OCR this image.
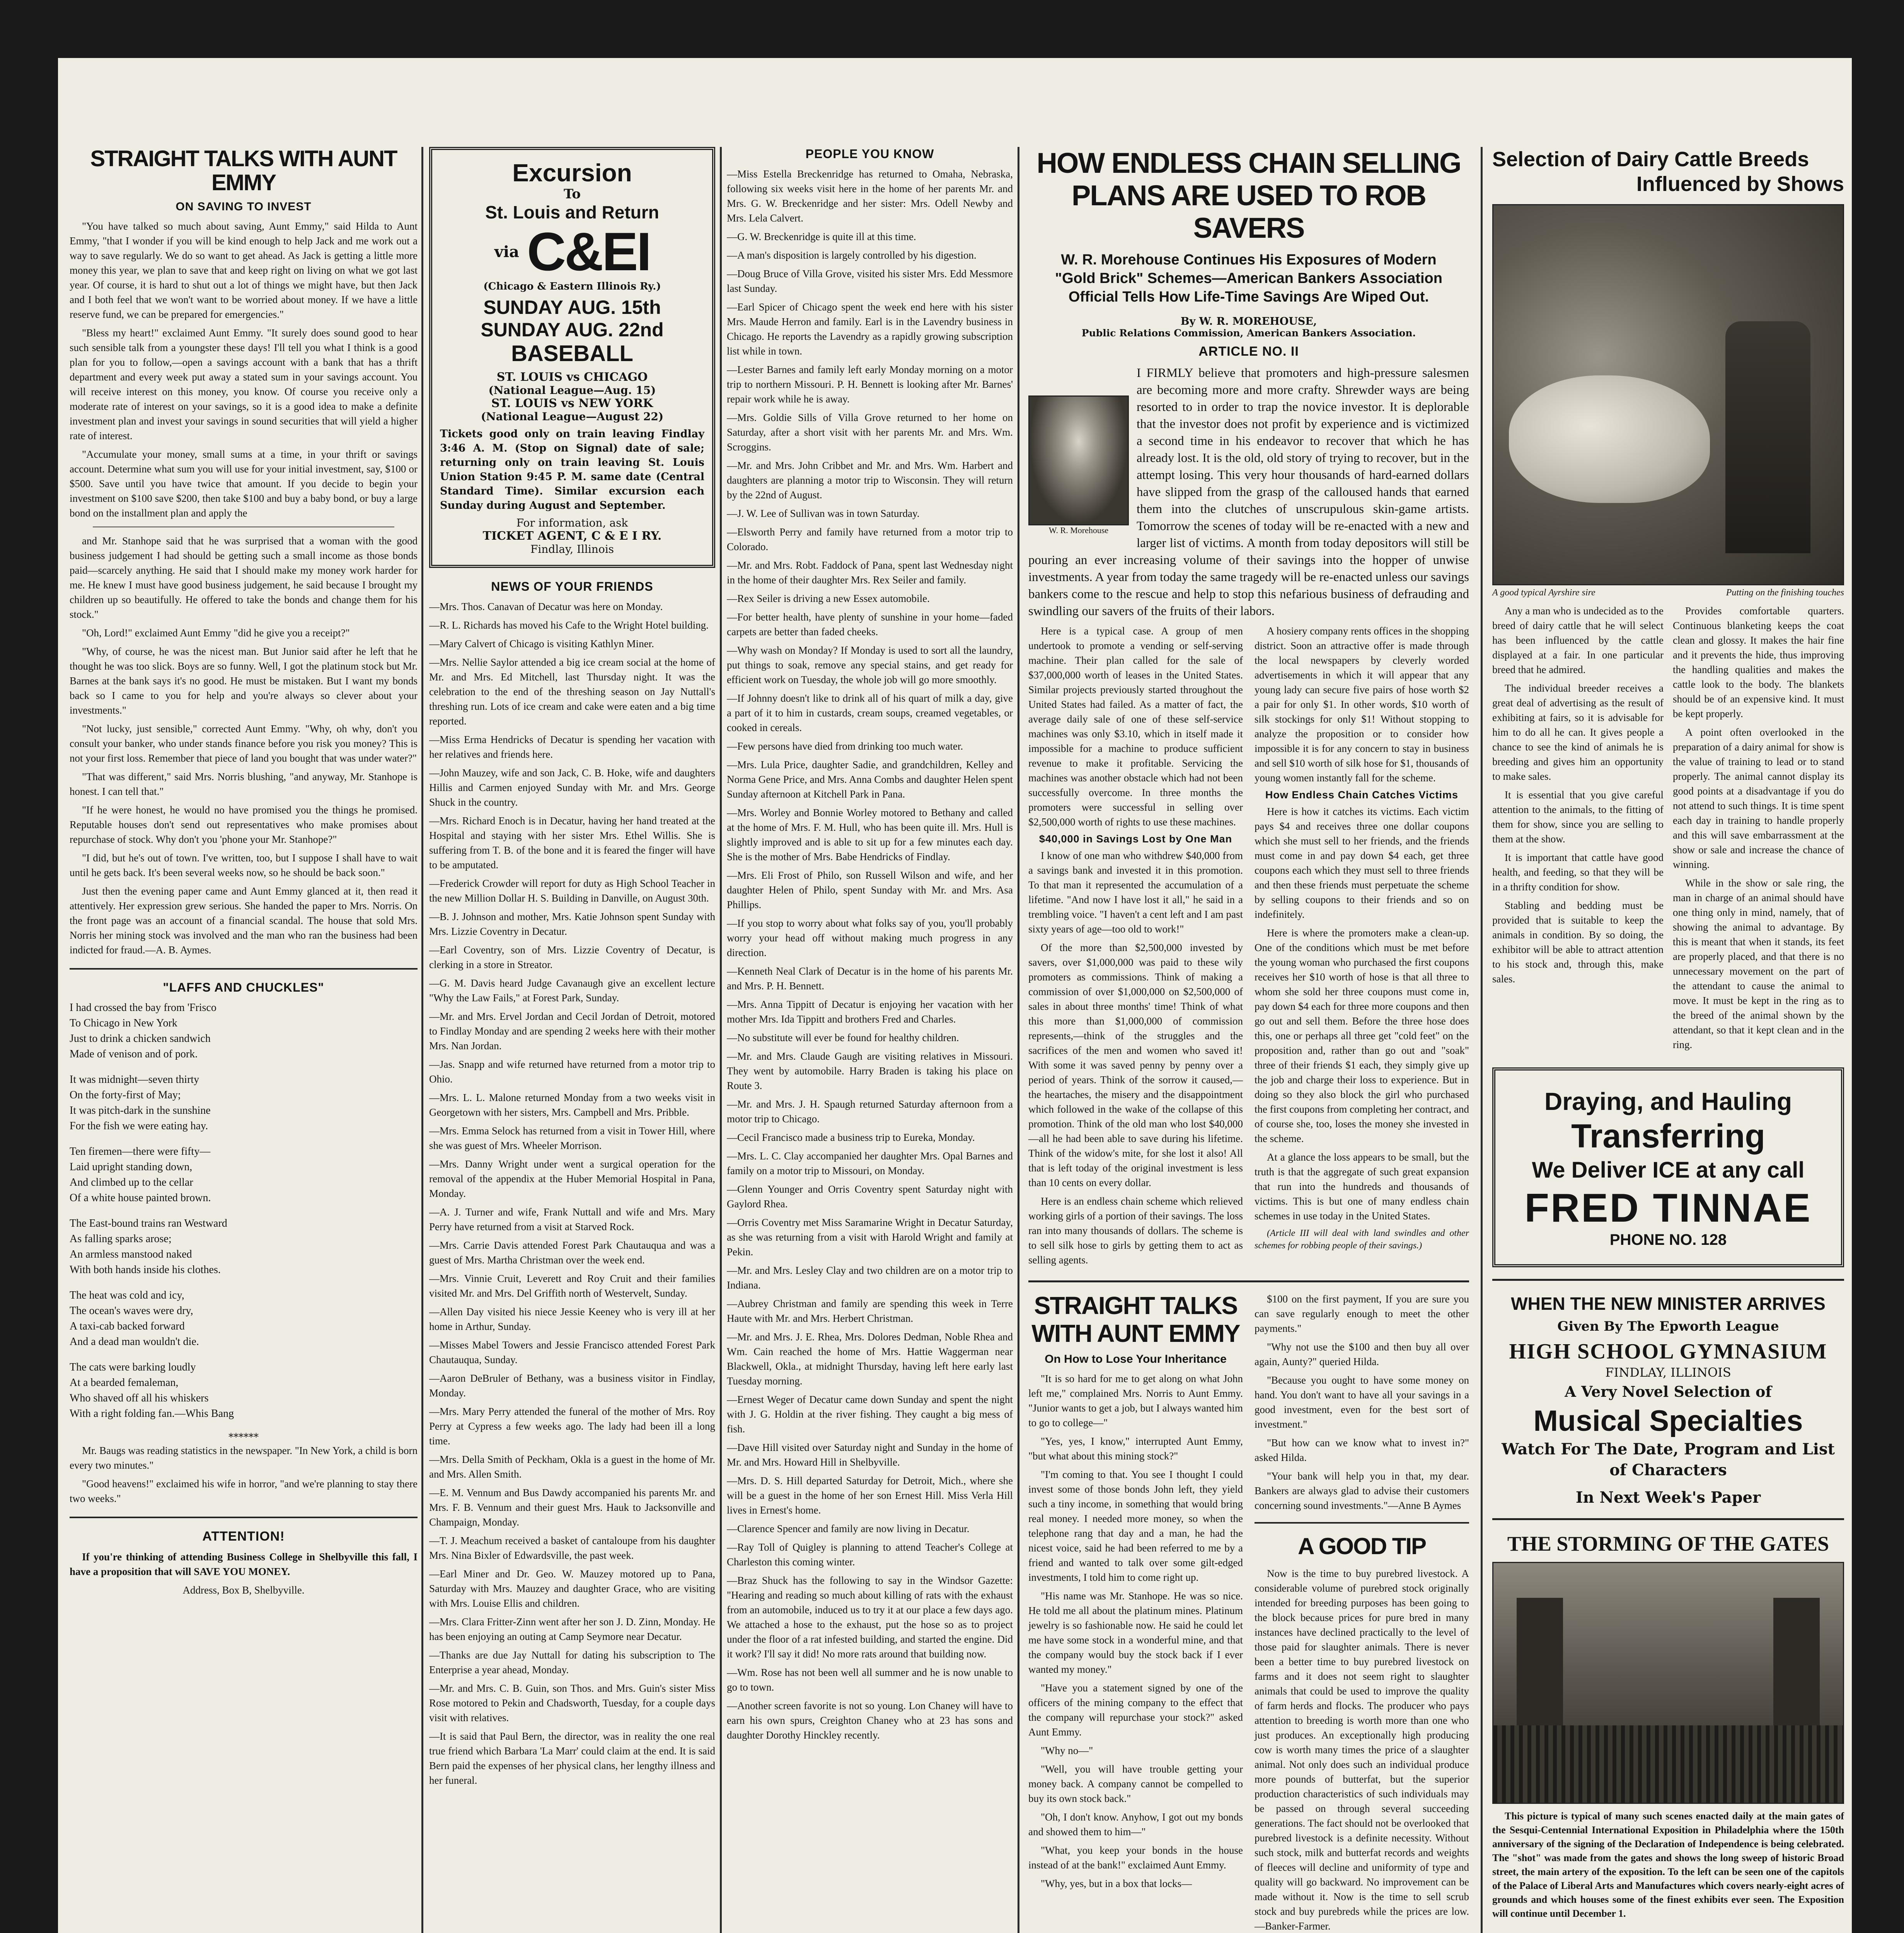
STRAIGHT TALKS WITH AUNT EMMY
ON SAVING TO INVEST

"You have talked so much about saving, Aunt Emmy," said Hilda to Aunt Emmy, "that I wonder if you will be kind enough to help Jack and me work out a way to save regularly. We do so want to get ahead. As Jack is getting a little more money this year, we plan to save that and keep right on living on what we got last year. Of course, it is hard to shut out a lot of things we might have, but then Jack and I both feel that we won't want to be worried about money. If we have a little reserve fund, we can be prepared for emergencies."

"Bless my heart!" exclaimed Aunt Emmy. "It surely does sound good to hear such sensible talk from a youngster these days! I'll tell you what I think is a good plan for you to follow,—open a savings account with a bank that has a thrift department and every week put away a stated sum in your savings account. You will receive interest on this money, you know. Of course you receive only a moderate rate of interest on your savings, so it is a good idea to make a definite investment plan and invest your savings in sound securities that will yield a higher rate of interest.

"Accumulate your money, small sums at a time, in your thrift or savings account. Determine what sum you will use for your initial investment, say, $100 or $500. Save until you have twice that amount. If you decide to begin your investment on $100 save $200, then take $100 and buy a baby bond, or buy a large bond on the installment plan and apply the

and Mr. Stanhope said that he was surprised that a woman with the good business judgement I had should be getting such a small income as those bonds paid—scarcely anything. He said that I should make my money work harder for me. He knew I must have good business judgement, he said because I brought my children up so beautifully. He offered to take the bonds and change them for his stock."

"Oh, Lord!" exclaimed Aunt Emmy "did he give you a receipt?"

"Why, of course, he was the nicest man. But Junior said after he left that he thought he was too slick. Boys are so funny. Well, I got the platinum stock but Mr. Barnes at the bank says it's no good. He must be mistaken. But I want my bonds back so I came to you for help and you're always so clever about your investments."

"Not lucky, just sensible," corrected Aunt Emmy. "Why, oh why, don't you consult your banker, who under stands finance before you risk you money? This is not your first loss. Remember that piece of land you bought that was under water?"

"That was different," said Mrs. Norris blushing, "and anyway, Mr. Stanhope is honest. I can tell that."

"If he were honest, he would no have promised you the things he promised. Reputable houses don't send out representatives who make promises about repurchase of stock. Why don't you 'phone your Mr. Stanhope?"

"I did, but he's out of town. I've written, too, but I suppose I shall have to wait until he gets back. It's been several weeks now, so he should be back soon."

Just then the evening paper came and Aunt Emmy glanced at it, then read it attentively. Her expression grew serious. She handed the paper to Mrs. Norris. On the front page was an account of a financial scandal. The house that sold Mrs. Norris her mining stock was involved and the man who ran the business had been indicted for fraud.—A. B. Aymes.

"LAFFS AND CHUCKLES"

I had crossed the bay from 'Frisco

To Chicago in New York

Just to drink a chicken sandwich

Made of venison and of pork.

It was midnight—seven thirty

On the forty-first of May;

It was pitch-dark in the sunshine

For the fish we were eating hay.

Ten firemen—there were fifty—

Laid upright standing down,

And climbed up to the cellar

Of a white house painted brown.

The East-bound trains ran Westward

As falling sparks arose;

An armless manstood naked

With both hands inside his clothes.

The heat was cold and icy,

The ocean's waves were dry,

A taxi-cab backed forward

And a dead man wouldn't die.

The cats were barking loudly

At a bearded femaleman,

Who shaved off all his whiskers

With a right folding fan.—Whis Bang

******

Mr. Baugs was reading statistics in the newspaper. "In New York, a child is born every two minutes."

"Good heavens!" exclaimed his wife in horror, "and we're planning to stay there two weeks."

ATTENTION!

If you're thinking of attending Business College in Shelbyville this fall, I have a proposition that will SAVE YOU MONEY.

Address, Box B, Shelbyville.

Excursion
To
St. Louis and Return
via C&EI
(Chicago & Eastern Illinois Ry.)
SUNDAY AUG. 15th
SUNDAY AUG. 22nd
BASEBALL
ST. LOUIS vs CHICAGO
(National League—Aug. 15)
ST. LOUIS vs NEW YORK
(National League—August 22)

Tickets good only on train leaving Findlay 3:46 A. M. (Stop on Signal) date of sale; returning only on train leaving St. Louis Union Station 9:45 P. M. same date (Central Standard Time). Similar excursion each Sunday during August and September.

For information, ask
TICKET AGENT, C & E I RY.
Findlay, Illinois
NEWS OF YOUR FRIENDS

—Mrs. Thos. Canavan of Decatur was here on Monday.

—R. L. Richards has moved his Cafe to the Wright Hotel building.

—Mary Calvert of Chicago is visiting Kathlyn Miner.

—Mrs. Nellie Saylor attended a big ice cream social at the home of Mr. and Mrs. Ed Mitchell, last Thursday night. It was the celebration to the end of the threshing season on Jay Nuttall's threshing run. Lots of ice cream and cake were eaten and a big time reported.

—Miss Erma Hendricks of Decatur is spending her vacation with her relatives and friends here.

—John Mauzey, wife and son Jack, C. B. Hoke, wife and daughters Hillis and Carmen enjoyed Sunday with Mr. and Mrs. George Shuck in the country.

—Mrs. Richard Enoch is in Decatur, having her hand treated at the Hospital and staying with her sister Mrs. Ethel Willis. She is suffering from T. B. of the bone and it is feared the finger will have to be amputated.

—Frederick Crowder will report for duty as High School Teacher in the new Million Dollar H. S. Building in Danville, on August 30th.

—B. J. Johnson and mother, Mrs. Katie Johnson spent Sunday with Mrs. Lizzie Coventry in Decatur.

—Earl Coventry, son of Mrs. Lizzie Coventry of Decatur, is clerking in a store in Streator.

—G. M. Davis heard Judge Cavanaugh give an excellent lecture "Why the Law Fails," at Forest Park, Sunday.

—Mr. and Mrs. Ervel Jordan and Cecil Jordan of Detroit, motored to Findlay Monday and are spending 2 weeks here with their mother Mrs. Nan Jordan.

—Jas. Snapp and wife returned have returned from a motor trip to Ohio.

—Mrs. L. L. Malone returned Monday from a two weeks visit in Georgetown with her sisters, Mrs. Campbell and Mrs. Pribble.

—Mrs. Emma Selock has returned from a visit in Tower Hill, where she was guest of Mrs. Wheeler Morrison.

—Mrs. Danny Wright under went a surgical operation for the removal of the appendix at the Huber Memorial Hospital in Pana, Monday.

—A. J. Turner and wife, Frank Nuttall and wife and Mrs. Mary Perry have returned from a visit at Starved Rock.

—Mrs. Carrie Davis attended Forest Park Chautauqua and was a guest of Mrs. Martha Christman over the week end.

—Mrs. Vinnie Cruit, Leverett and Roy Cruit and their families visited Mr. and Mrs. Del Griffith north of Westervelt, Sunday.

—Allen Day visited his niece Jessie Keeney who is very ill at her home in Arthur, Sunday.

—Misses Mabel Towers and Jessie Francisco attended Forest Park Chautauqua, Sunday.

—Aaron DeBruler of Bethany, was a business visitor in Findlay, Monday.

—Mrs. Mary Perry attended the funeral of the mother of Mrs. Roy Perry at Cypress a few weeks ago. The lady had been ill a long time.

—Mrs. Della Smith of Peckham, Okla is a guest in the home of Mr. and Mrs. Allen Smith.

—E. M. Vennum and Bus Dawdy accompanied his parents Mr. and Mrs. F. B. Vennum and their guest Mrs. Hauk to Jacksonville and Champaign, Monday.

—T. J. Meachum received a basket of cantaloupe from his daughter Mrs. Nina Bixler of Edwardsville, the past week.

—Earl Miner and Dr. Geo. W. Mauzey motored up to Pana, Saturday with Mrs. Mauzey and daughter Grace, who are visiting with Mrs. Louise Ellis and children.

—Mrs. Clara Fritter-Zinn went after her son J. D. Zinn, Monday. He has been enjoying an outing at Camp Seymore near Decatur.

—Thanks are due Jay Nuttall for dating his subscription to The Enterprise a year ahead, Monday.

—Mr. and Mrs. C. B. Guin, son Thos. and Mrs. Guin's sister Miss Rose motored to Pekin and Chadsworth, Tuesday, for a couple days visit with relatives.

—It is said that Paul Bern, the director, was in reality the one real true friend which Barbara 'La Marr' could claim at the end. It is said Bern paid the expenses of her physical clans, her lengthy illness and her funeral.

PEOPLE YOU KNOW

—Miss Estella Breckenridge has returned to Omaha, Nebraska, following six weeks visit here in the home of her parents Mr. and Mrs. G. W. Breckenridge and her sister: Mrs. Odell Newby and Mrs. Lela Calvert.

—G. W. Breckenridge is quite ill at this time.

—A man's disposition is largely controlled by his digestion.

—Doug Bruce of Villa Grove, visited his sister Mrs. Edd Messmore last Sunday.

—Earl Spicer of Chicago spent the week end here with his sister Mrs. Maude Herron and family. Earl is in the Lavendry business in Chicago. He reports the Lavendry as a rapidly growing subscription list while in town.

—Lester Barnes and family left early Monday morning on a motor trip to northern Missouri. P. H. Bennett is looking after Mr. Barnes' repair work while he is away.

—Mrs. Goldie Sills of Villa Grove returned to her home on Saturday, after a short visit with her parents Mr. and Mrs. Wm. Scroggins.

—Mr. and Mrs. John Cribbet and Mr. and Mrs. Wm. Harbert and daughters are planning a motor trip to Wisconsin. They will return by the 22nd of August.

—J. W. Lee of Sullivan was in town Saturday.

—Elsworth Perry and family have returned from a motor trip to Colorado.

—Mr. and Mrs. Robt. Faddock of Pana, spent last Wednesday night in the home of their daughter Mrs. Rex Seiler and family.

—Rex Seiler is driving a new Essex automobile.

—For better health, have plenty of sunshine in your home—faded carpets are better than faded cheeks.

—Why wash on Monday? If Monday is used to sort all the laundry, put things to soak, remove any special stains, and get ready for efficient work on Tuesday, the whole job will go more smoothly.

—If Johnny doesn't like to drink all of his quart of milk a day, give a part of it to him in custards, cream soups, creamed vegetables, or cooked in cereals.

—Few persons have died from drinking too much water.

—Mrs. Lula Price, daughter Sadie, and grandchildren, Kelley and Norma Gene Price, and Mrs. Anna Combs and daughter Helen spent Sunday afternoon at Kitchell Park in Pana.

—Mrs. Worley and Bonnie Worley motored to Bethany and called at the home of Mrs. F. M. Hull, who has been quite ill. Mrs. Hull is slightly improved and is able to sit up for a few minutes each day. She is the mother of Mrs. Babe Hendricks of Findlay.

—Mrs. Eli Frost of Philo, son Russell Wilson and wife, and her daughter Helen of Philo, spent Sunday with Mr. and Mrs. Asa Phillips.

—If you stop to worry about what folks say of you, you'll probably worry your head off without making much progress in any direction.

—Kenneth Neal Clark of Decatur is in the home of his parents Mr. and Mrs. P. H. Bennett.

—Mrs. Anna Tippitt of Decatur is enjoying her vacation with her mother Mrs. Ida Tippitt and brothers Fred and Charles.

—No substitute will ever be found for healthy children.

—Mr. and Mrs. Claude Gaugh are visiting relatives in Missouri. They went by automobile. Harry Braden is taking his place on Route 3.

—Mr. and Mrs. J. H. Spaugh returned Saturday afternoon from a motor trip to Chicago.

—Cecil Francisco made a business trip to Eureka, Monday.

—Mrs. L. C. Clay accompanied her daughter Mrs. Opal Barnes and family on a motor trip to Missouri, on Monday.

—Glenn Younger and Orris Coventry spent Saturday night with Gaylord Rhea.

—Orris Coventry met Miss Saramarine Wright in Decatur Saturday, as she was returning from a visit with Harold Wright and family at Pekin.

—Mr. and Mrs. Lesley Clay and two children are on a motor trip to Indiana.

—Aubrey Christman and family are spending this week in Terre Haute with Mr. and Mrs. Herbert Christman.

—Mr. and Mrs. J. E. Rhea, Mrs. Dolores Dedman, Noble Rhea and Wm. Cain reached the home of Mrs. Hattie Waggerman near Blackwell, Okla., at midnight Thursday, having left here early last Tuesday morning.

—Ernest Weger of Decatur came down Sunday and spent the night with J. G. Holdin at the river fishing. They caught a big mess of fish.

—Dave Hill visited over Saturday night and Sunday in the home of Mr. and Mrs. Howard Hill in Shelbyville.

—Mrs. D. S. Hill departed Saturday for Detroit, Mich., where she will be a guest in the home of her son Ernest Hill. Miss Verla Hill lives in Ernest's home.

—Clarence Spencer and family are now living in Decatur.

—Ray Toll of Quigley is planning to attend Teacher's College at Charleston this coming winter.

—Braz Shuck has the following to say in the Windsor Gazette: "Hearing and reading so much about killing of rats with the exhaust from an automobile, induced us to try it at our place a few days ago. We attached a hose to the exhaust, put the hose so as to project under the floor of a rat infested building, and started the engine. Did it work? I'll say it did! No more rats around that building now.

—Wm. Rose has not been well all summer and he is now unable to go to town.

—Another screen favorite is not so young. Lon Chaney will have to earn his own spurs, Creighton Chaney who at 23 has sons and daughter Dorothy Hinckley recently.

HOW ENDLESS CHAIN SELLING
PLANS ARE USED TO ROB SAVERS
W. R. Morehouse Continues His Exposures of Modern "Gold Brick" Schemes—American Bankers Association Official Tells How Life-Time Savings Are Wiped Out.
By W. R. MOREHOUSE,
Public Relations Commission, American Bankers Association.
ARTICLE NO. II
W. R. Morehouse

I FIRMLY believe that promoters and high-pressure salesmen are becoming more and more crafty. Shrewder ways are being resorted to in order to trap the novice investor. It is deplorable that the investor does not profit by experience and is victimized a second time in his endeavor to recover that which he has already lost. It is the old, old story of trying to recover, but in the attempt losing. This very hour thousands of hard-earned dollars have slipped from the grasp of the calloused hands that earned them into the clutches of unscrupulous skin-game artists. Tomorrow the scenes of today will be re-enacted with a new and larger list of victims. A month from today depositors will still be pouring an ever increasing volume of their savings into the hopper of unwise investments. A year from today the same tragedy will be re-enacted unless our savings bankers come to the rescue and help to stop this nefarious business of defrauding and swindling our savers of the fruits of their labors.

Here is a typical case. A group of men undertook to promote a vending or self-serving machine. Their plan called for the sale of $37,000,000 worth of leases in the United States. Similar projects previously started throughout the United States had failed. As a matter of fact, the average daily sale of one of these self-service machines was only $3.10, which in itself made it impossible for a machine to produce sufficient revenue to make it profitable. Servicing the machines was another obstacle which had not been successfully overcome. In three months the promoters were successful in selling over $2,500,000 worth of rights to use these machines.

$40,000 in Savings Lost by One Man

I know of one man who withdrew $40,000 from a savings bank and invested it in this promotion. To that man it represented the accumulation of a lifetime. "And now I have lost it all," he said in a trembling voice. "I haven't a cent left and I am past sixty years of age—too old to work!"

Of the more than $2,500,000 invested by savers, over $1,000,000 was paid to these wily promoters as commissions. Think of making a commission of over $1,000,000 on $2,500,000 of sales in about three months' time! Think of what this more than $1,000,000 of commission represents,—think of the struggles and the sacrifices of the men and women who saved it! With some it was saved penny by penny over a period of years. Think of the sorrow it caused,—the heartaches, the misery and the disappointment which followed in the wake of the collapse of this promotion. Think of the old man who lost $40,000—all he had been able to save during his lifetime. Think of the widow's mite, for she lost it also! All that is left today of the original investment is less than 10 cents on every dollar.

Here is an endless chain scheme which relieved working girls of a portion of their savings. The loss ran into many thousands of dollars. The scheme is to sell silk hose to girls by getting them to act as selling agents.

A hosiery company rents offices in the shopping district. Soon an attractive offer is made through the local newspapers by cleverly worded advertisements in which it will appear that any young lady can secure five pairs of hose worth $2 a pair for only $1. In other words, $10 worth of silk stockings for only $1! Without stopping to analyze the proposition or to consider how impossible it is for any concern to stay in business and sell $10 worth of silk hose for $1, thousands of young women instantly fall for the scheme.

How Endless Chain Catches Victims

Here is how it catches its victims. Each victim pays $4 and receives three one dollar coupons which she must sell to her friends, and the friends must come in and pay down $4 each, get three coupons each which they must sell to three friends and then these friends must perpetuate the scheme by selling coupons to their friends and so on indefinitely.

Here is where the promoters make a clean-up. One of the conditions which must be met before the young woman who purchased the first coupons receives her $10 worth of hose is that all three to whom she sold her three coupons must come in, pay down $4 each for three more coupons and then go out and sell them. Before the three hose does this, one or perhaps all three get "cold feet" on the proposition and, rather than go out and "soak" three of their friends $1 each, they simply give up the job and charge their loss to experience. But in doing so they also block the girl who purchased the first coupons from completing her contract, and of course she, too, loses the money she invested in the scheme.

At a glance the loss appears to be small, but the truth is that the aggregate of such great expansion that run into the hundreds and thousands of victims. This is but one of many endless chain schemes in use today in the United States.

(Article III will deal with land swindles and other schemes for robbing people of their savings.)

STRAIGHT TALKS
WITH AUNT EMMY
On How to Lose Your Inheritance

"It is so hard for me to get along on what John left me," complained Mrs. Norris to Aunt Emmy. "Junior wants to get a job, but I always wanted him to go to college—"

"Yes, yes, I know," interrupted Aunt Emmy, "but what about this mining stock?"

"I'm coming to that. You see I thought I could invest some of those bonds John left, they yield such a tiny income, in something that would bring real money. I needed more money, so when the telephone rang that day and a man, he had the nicest voice, said he had been referred to me by a friend and wanted to talk over some gilt-edged investments, I told him to come right up.

"His name was Mr. Stanhope. He was so nice. He told me all about the platinum mines. Platinum jewelry is so fashionable now. He said he could let me have some stock in a wonderful mine, and that the company would buy the stock back if I ever wanted my money."

"Have you a statement signed by one of the officers of the mining company to the effect that the company will repurchase your stock?" asked Aunt Emmy.

"Why no—"

"Well, you will have trouble getting your money back. A company cannot be compelled to buy its own stock back."

"Oh, I don't know. Anyhow, I got out my bonds and showed them to him—"

"What, you keep your bonds in the house instead of at the bank!" exclaimed Aunt Emmy.

"Why, yes, but in a box that locks—

$100 on the first payment, If you are sure you can save regularly enough to meet the other payments."

"Why not use the $100 and then buy all over again, Aunty?" queried Hilda.

"Because you ought to have some money on hand. You don't want to have all your savings in a good investment, even for the best sort of investment."

"But how can we know what to invest in?" asked Hilda.

"Your bank will help you in that, my dear. Bankers are always glad to advise their customers concerning sound investments."—Anne B Aymes

A GOOD TIP

Now is the time to buy purebred livestock. A considerable volume of purebred stock originally intended for breeding purposes has been going to the block because prices for pure bred in many instances have declined practically to the level of those paid for slaughter animals. There is never been a better time to buy purebred livestock on farms and it does not seem right to slaughter animals that could be used to improve the quality of farm herds and flocks. The producer who pays attention to breeding is worth more than one who just produces. An exceptionally high producing cow is worth many times the price of a slaughter animal. Not only does such an individual produce more pounds of butterfat, but the superior production characteristics of such individuals may be passed on through several succeeding generations. The fact should not be overlooked that purebred livestock is a definite necessity. Without such stock, milk and butterfat records and weights of fleeces will decline and uniformity of type and quality will go backward. No improvement can be made without it. Now is the time to sell scrub stock and buy purebreds while the prices are low.—Banker-Farmer.

Selection of Dairy Cattle Breeds
Influenced by Shows
A good typical Ayrshire sire	Putting on the finishing touches

Any a man who is undecided as to the breed of dairy cattle that he will select has been influenced by the cattle displayed at a fair. In one particular breed that he admired.

The individual breeder receives a great deal of advertising as the result of exhibiting at fairs, so it is advisable for him to do all he can. It gives people a chance to see the kind of animals he is breeding and gives him an opportunity to make sales.

It is essential that you give careful attention to the animals, to the fitting of them for show, since you are selling to them at the show.

It is important that cattle have good health, and feeding, so that they will be in a thrifty condition for show.

Stabling and bedding must be provided that is suitable to keep the animals in condition. By so doing, the exhibitor will be able to attract attention to his stock and, through this, make sales.

Provides comfortable quarters. Continuous blanketing keeps the coat clean and glossy. It makes the hair fine and it prevents the hide, thus improving the handling qualities and makes the cattle look to the body. The blankets should be of an expensive kind. It must be kept properly.

A point often overlooked in the preparation of a dairy animal for show is the value of training to lead or to stand properly. The animal cannot display its good points at a disadvantage if you do not attend to such things. It is time spent each day in training to handle properly and this will save embarrassment at the show or sale and increase the chance of winning.

While in the show or sale ring, the man in charge of an animal should have one thing only in mind, namely, that of showing the animal to advantage. By this is meant that when it stands, its feet are properly placed, and that there is no unnecessary movement on the part of the attendant to cause the animal to move. It must be kept in the ring as to the breed of the animal shown by the attendant, so that it kept clean and in the ring.

Draying, and Hauling
Transferring
We Deliver ICE at any call
FRED TINNAE
PHONE NO. 128
WHEN THE NEW MINISTER ARRIVES
Given By The Epworth League
HIGH SCHOOL GYMNASIUM
FINDLAY, ILLINOIS
A Very Novel Selection of
Musical Specialties
Watch For The Date, Program and List of Characters
In Next Week's Paper
THE STORMING OF THE GATES

This picture is typical of many such scenes enacted daily at the main gates of the Sesqui-Centennial International Exposition in Philadelphia where the 150th anniversary of the signing of the Declaration of Independence is being celebrated. The "shot" was made from the gates and shows the long sweep of historic Broad street, the main artery of the exposition. To the left can be seen one of the capitols of the Palace of Liberal Arts and Manufactures which covers nearly-eight acres of grounds and which houses some of the finest exhibits ever seen. The Exposition will continue until December 1.
